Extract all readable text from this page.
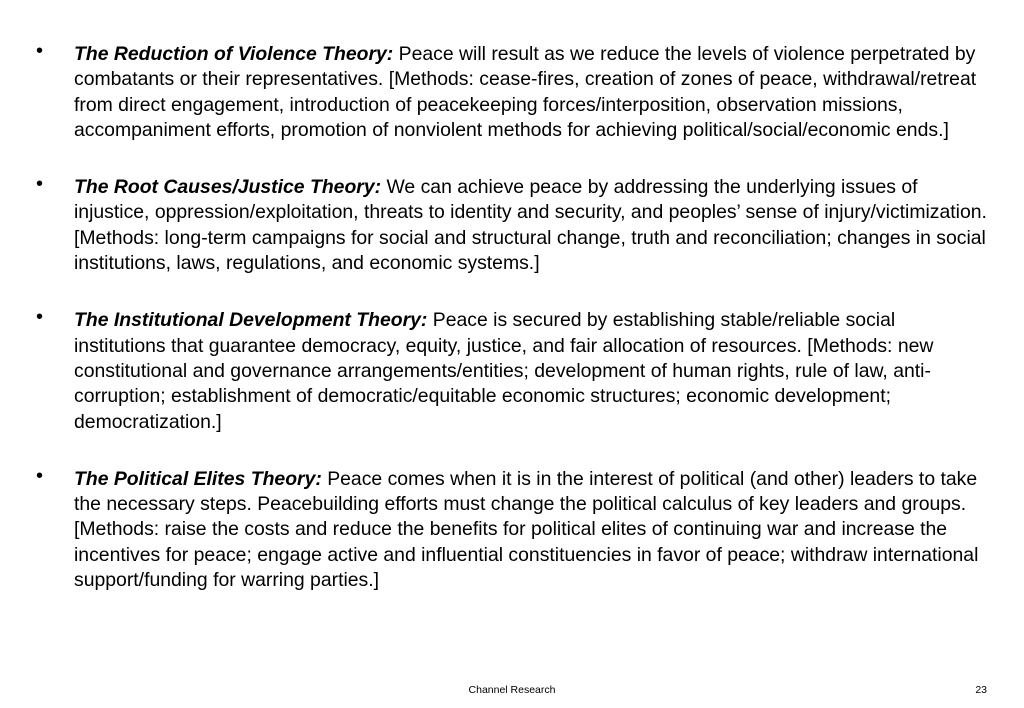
• The Reduction of Violence Theory: Peace will result as we reduce the levels of violence perpetrated by combatants or their representatives. [Methods: cease-fires, creation of zones of peace, withdrawal/retreat from direct engagement, introduction of peacekeeping forces/interposition, observation missions, accompaniment efforts, promotion of nonviolent methods for achieving political/social/economic ends.]
• The Root Causes/Justice Theory: We can achieve peace by addressing the underlying issues of injustice, oppression/exploitation, threats to identity and security, and peoples’ sense of injury/victimization. [Methods: long-term campaigns for social and structural change, truth and reconciliation; changes in social institutions, laws, regulations, and economic systems.]
• The Institutional Development Theory: Peace is secured by establishing stable/reliable social institutions that guarantee democracy, equity, justice, and fair allocation of resources. [Methods: new constitutional and governance arrangements/entities; development of human rights, rule of law, anti-corruption; establishment of democratic/equitable economic structures; economic development; democratization.]
• The Political Elites Theory: Peace comes when it is in the interest of political (and other) leaders to take the necessary steps. Peacebuilding efforts must change the political calculus of key leaders and groups. [Methods: raise the costs and reduce the benefits for political elites of continuing war and increase the incentives for peace; engage active and influential constituencies in favor of peace; withdraw international support/funding for warring parties.]
Channel Research	23
